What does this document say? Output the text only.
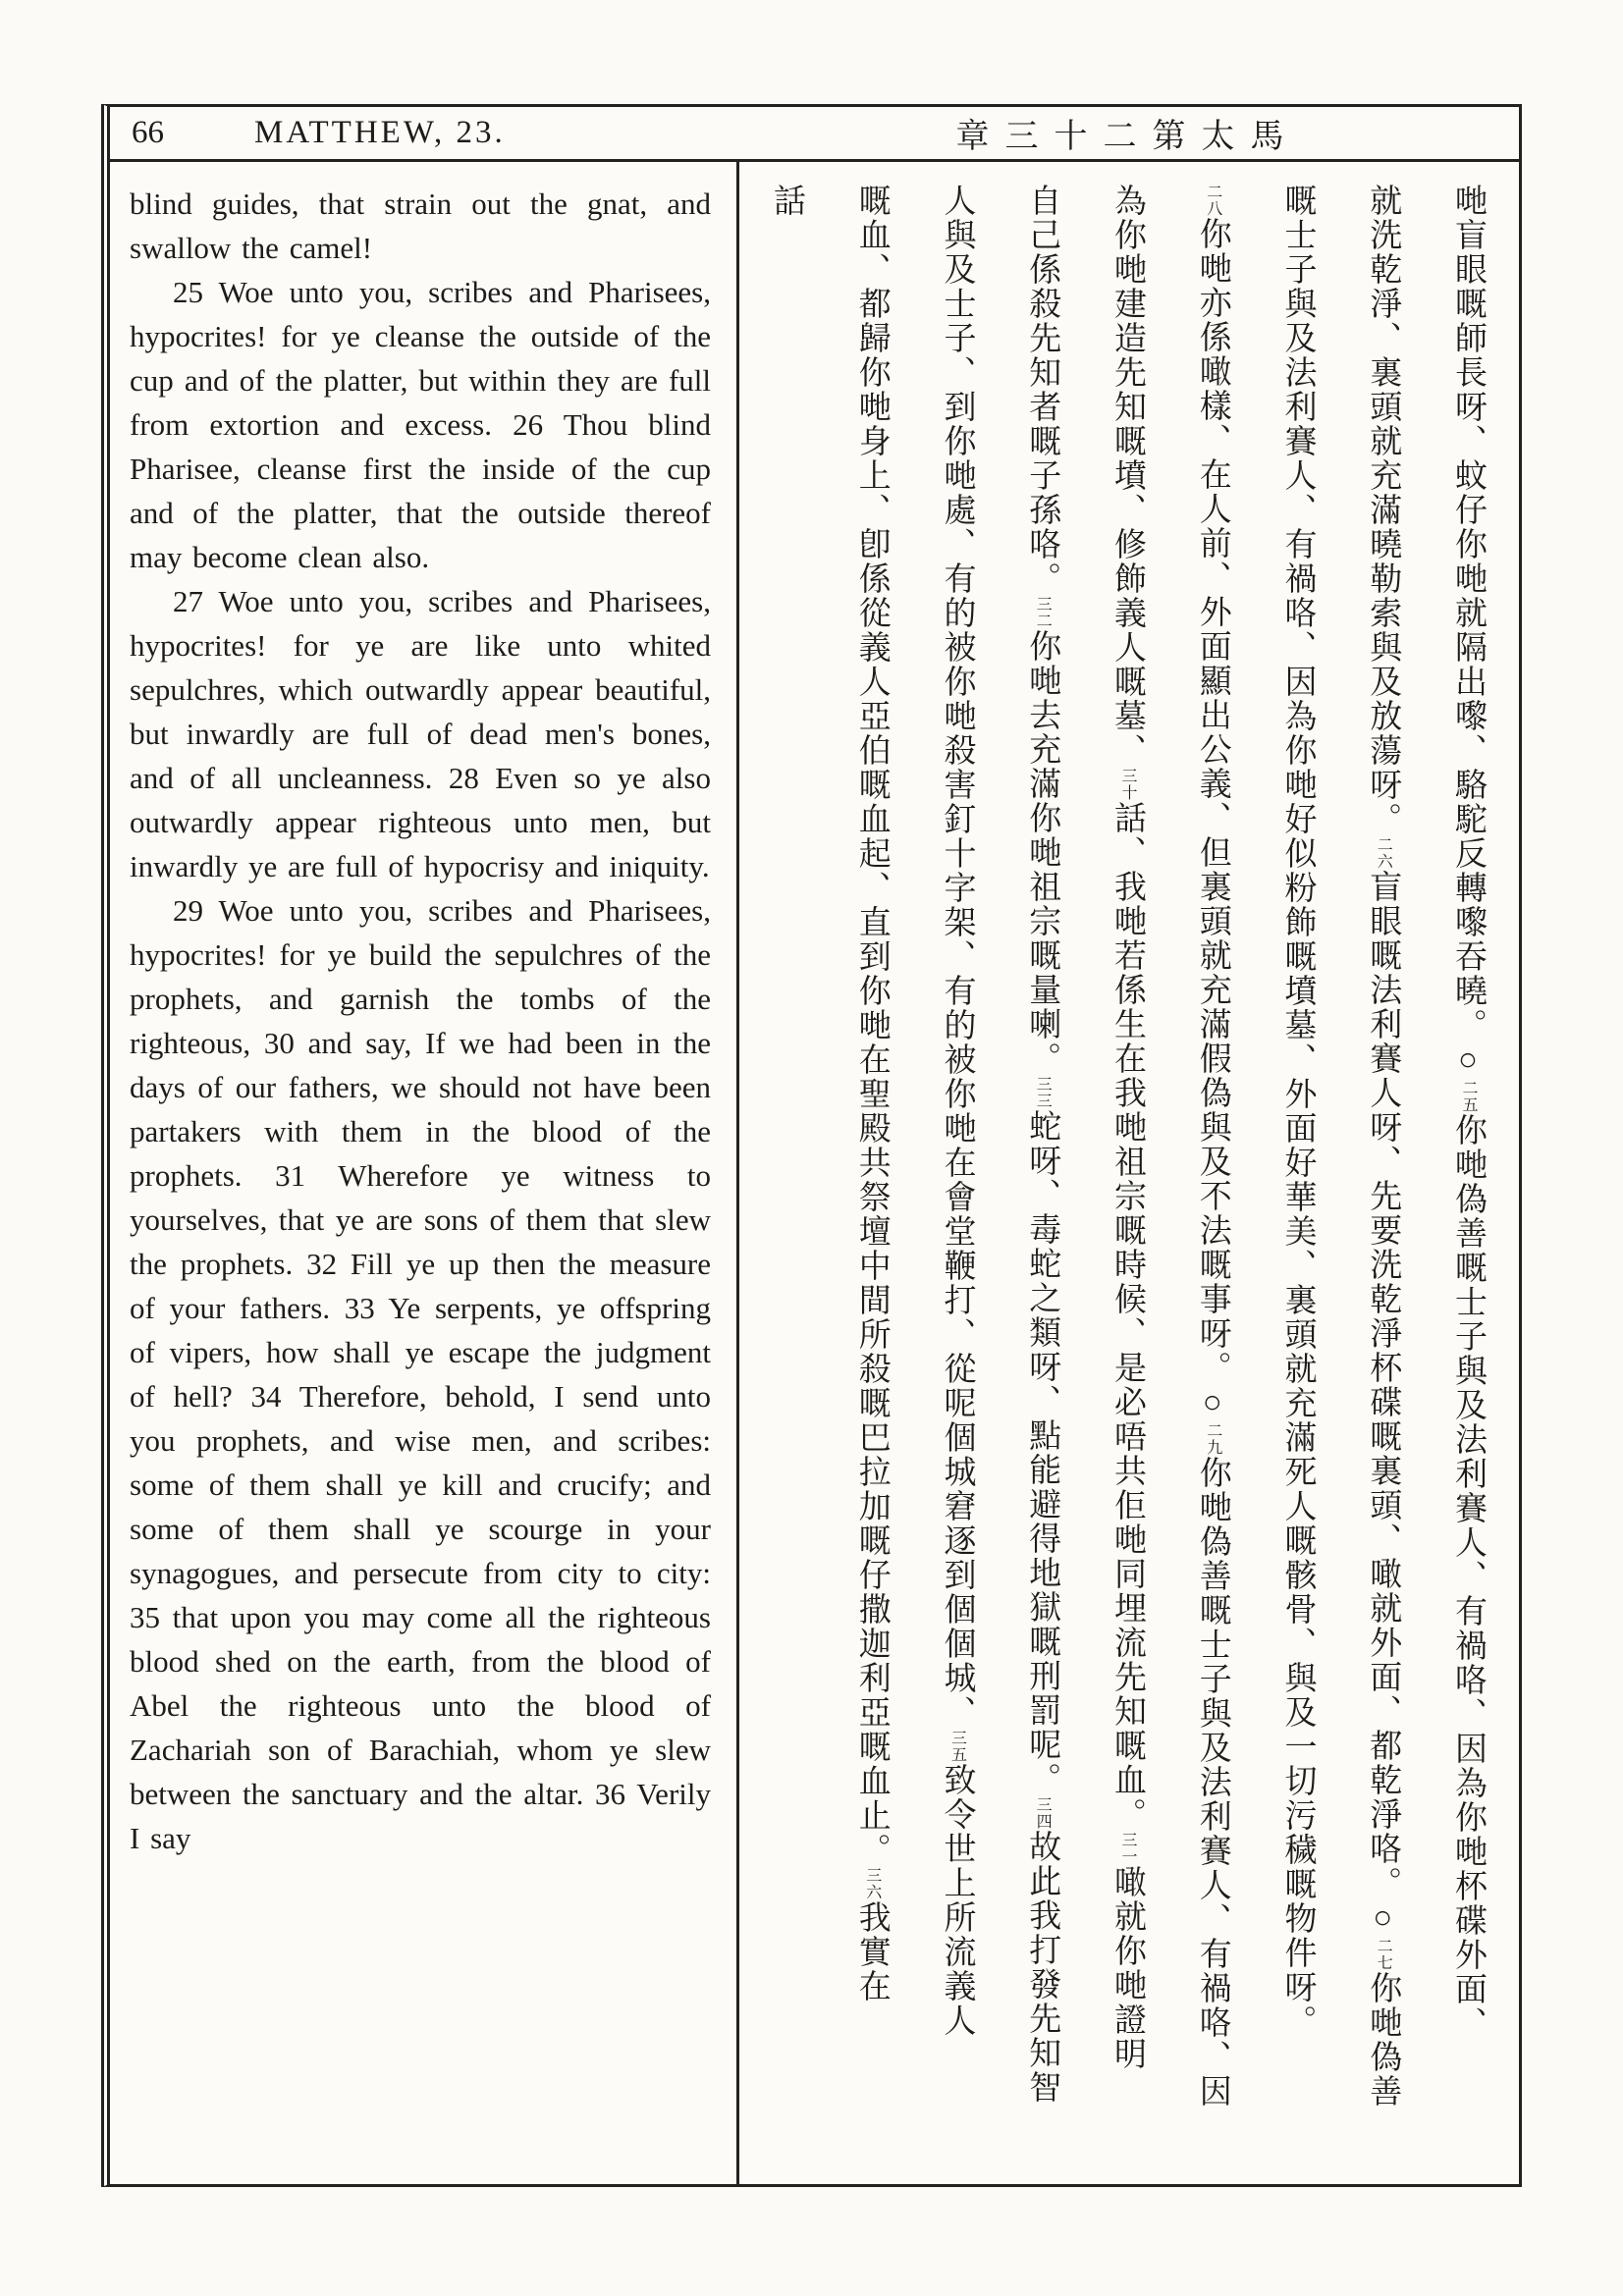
66	MATTHEW, 23.	章三十二第太馬

blind guides, that strain out the gnat, and swallow the camel!

25 Woe unto you, scribes and Pharisees, hypocrites! for ye cleanse the outside of the cup and of the platter, but within they are full from extortion and excess. 26 Thou blind Pharisee, cleanse first the inside of the cup and of the platter, that the outside thereof may become clean also.

27 Woe unto you, scribes and Pharisees, hypocrites! for ye are like unto whited sepulchres, which outwardly appear beautiful, but inwardly are full of dead men's bones, and of all uncleanness. 28 Even so ye also outwardly appear righteous unto men, but inwardly ye are full of hypocrisy and iniquity.

29 Woe unto you, scribes and Pharisees, hypocrites! for ye build the sepulchres of the prophets, and garnish the tombs of the righteous, 30 and say, If we had been in the days of our fathers, we should not have been partakers with them in the blood of the prophets. 31 Wherefore ye witness to yourselves, that ye are sons of them that slew the prophets. 32 Fill ye up then the measure of your fathers. 33 Ye serpents, ye offspring of vipers, how shall ye escape the judgment of hell? 34 Therefore, behold, I send unto you prophets, and wise men, and scribes: some of them shall ye kill and crucify; and some of them shall ye scourge in your synagogues, and persecute from city to city: 35 that upon you may come all the righteous blood shed on the earth, from the blood of Abel the righteous unto the blood of Zachariah son of Barachiah, whom ye slew between the sanctuary and the altar. 36 Verily I say

哋盲眼嘅師長呀、蚊仔你哋就隔出嚟、駱駝反轉嚟吞曉。○二五你哋偽善嘅士子與及法利賽人、有禍咯、因為你哋杯碟外面、
就洗乾淨、裏頭就充滿曉勒索與及放蕩呀。二六盲眼嘅法利賽人呀、先要洗乾淨杯碟嘅裏頭、噉就外面、都乾淨咯。○二七你哋偽善
嘅士子與及法利賽人、有禍咯、因為你哋好似粉飾嘅墳墓、外面好華美、裏頭就充滿死人嘅骸骨、與及一切污穢嘅物件呀。
二八你哋亦係噉樣、在人前、外面顯出公義、但裏頭就充滿假偽與及不法嘅事呀。○二九你哋偽善嘅士子與及法利賽人、有禍咯、因
為你哋建造先知嘅墳、修飾義人嘅墓、三十話、我哋若係生在我哋祖宗嘅時候、是必唔共佢哋同埋流先知嘅血。三一噉就你哋證明
自己係殺先知者嘅子孫咯。三二你哋去充滿你哋祖宗嘅量喇。三三蛇呀、毒蛇之類呀、點能避得地獄嘅刑罰呢。三四故此我打發先知智
人與及士子、到你哋處、有的被你哋殺害釘十字架、有的被你哋在會堂鞭打、從呢個城窘逐到個個城、三五致令世上所流義人
嘅血、都歸你哋身上、卽係從義人亞伯嘅血起、直到你哋在聖殿共祭壇中間所殺嘅巴拉加嘅仔撒迦利亞嘅血止。三六我實在
話
